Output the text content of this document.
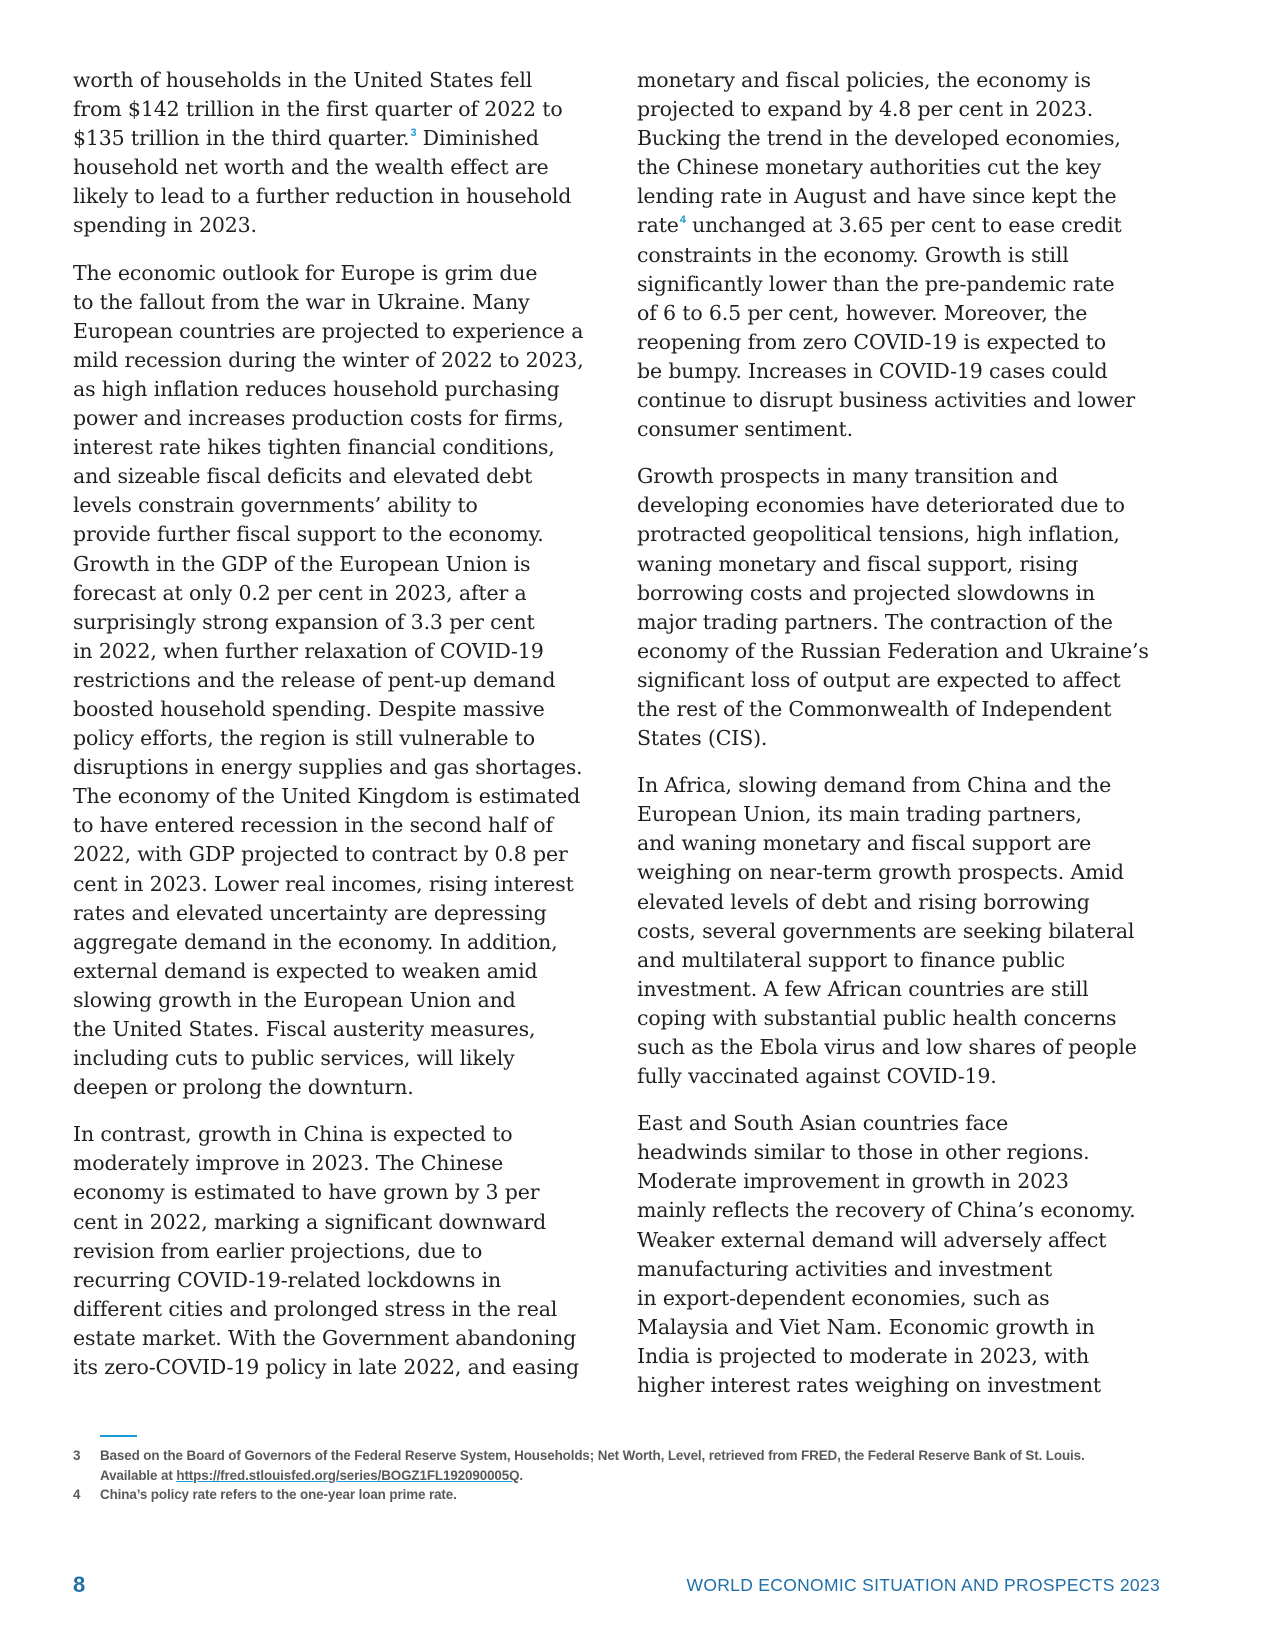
worth of households in the United States fell
from $142 trillion in the first quarter of 2022 to
$135 trillion in the third quarter.$^3$ Diminished
household net worth and the wealth effect are
likely to lead to a further reduction in household
spending in 2023.

The economic outlook for Europe is grim due
to the fallout from the war in Ukraine. Many
European countries are projected to experience a
mild recession during the winter of 2022 to 2023,
as high inflation reduces household purchasing
power and increases production costs for firms,
interest rate hikes tighten financial conditions,
and sizeable fiscal deficits and elevated debt
levels constrain governments’ ability to
provide further fiscal support to the economy.
Growth in the GDP of the European Union is
forecast at only 0.2 per cent in 2023, after a
surprisingly strong expansion of 3.3 per cent
in 2022, when further relaxation of COVID-19
restrictions and the release of pent-up demand
boosted household spending. Despite massive
policy efforts, the region is still vulnerable to
disruptions in energy supplies and gas shortages.
The economy of the United Kingdom is estimated
to have entered recession in the second half of
2022, with GDP projected to contract by 0.8 per
cent in 2023. Lower real incomes, rising interest
rates and elevated uncertainty are depressing
aggregate demand in the economy. In addition,
external demand is expected to weaken amid
slowing growth in the European Union and
the United States. Fiscal austerity measures,
including cuts to public services, will likely
deepen or prolong the downturn.

In contrast, growth in China is expected to
moderately improve in 2023. The Chinese
economy is estimated to have grown by 3 per
cent in 2022, marking a significant downward
revision from earlier projections, due to
recurring COVID-19-related lockdowns in
different cities and prolonged stress in the real
estate market. With the Government abandoning
its zero-COVID-19 policy in late 2022, and easing

monetary and fiscal policies, the economy is
projected to expand by 4.8 per cent in 2023.
Bucking the trend in the developed economies,
the Chinese monetary authorities cut the key
lending rate in August and have since kept the
rate$^4$ unchanged at 3.65 per cent to ease credit
constraints in the economy. Growth is still
significantly lower than the pre-pandemic rate
of 6 to 6.5 per cent, however. Moreover, the
reopening from zero COVID-19 is expected to
be bumpy. Increases in COVID-19 cases could
continue to disrupt business activities and lower
consumer sentiment.

Growth prospects in many transition and
developing economies have deteriorated due to
protracted geopolitical tensions, high inflation,
waning monetary and fiscal support, rising
borrowing costs and projected slowdowns in
major trading partners. The contraction of the
economy of the Russian Federation and Ukraine’s
significant loss of output are expected to affect
the rest of the Commonwealth of Independent
States (CIS).

In Africa, slowing demand from China and the
European Union, its main trading partners,
and waning monetary and fiscal support are
weighing on near-term growth prospects. Amid
elevated levels of debt and rising borrowing
costs, several governments are seeking bilateral
and multilateral support to finance public
investment. A few African countries are still
coping with substantial public health concerns
such as the Ebola virus and low shares of people
fully vaccinated against COVID-19.

East and South Asian countries face
headwinds similar to those in other regions.
Moderate improvement in growth in 2023
mainly reflects the recovery of China’s economy.
Weaker external demand will adversely affect
manufacturing activities and investment
in export-dependent economies, such as
Malaysia and Viet Nam. Economic growth in
India is projected to moderate in 2023, with
higher interest rates weighing on investment

3	Based on the Board of Governors of the Federal Reserve System, Households; Net Worth, Level, retrieved from FRED, the Federal Reserve Bank of St. Louis.
Available at https://fred.stlouisfed.org/series/BOGZ1FL192090005Q.
4	China’s policy rate refers to the one-year loan prime rate.
8	WORLD ECONOMIC SITUATION AND PROSPECTS 2023
